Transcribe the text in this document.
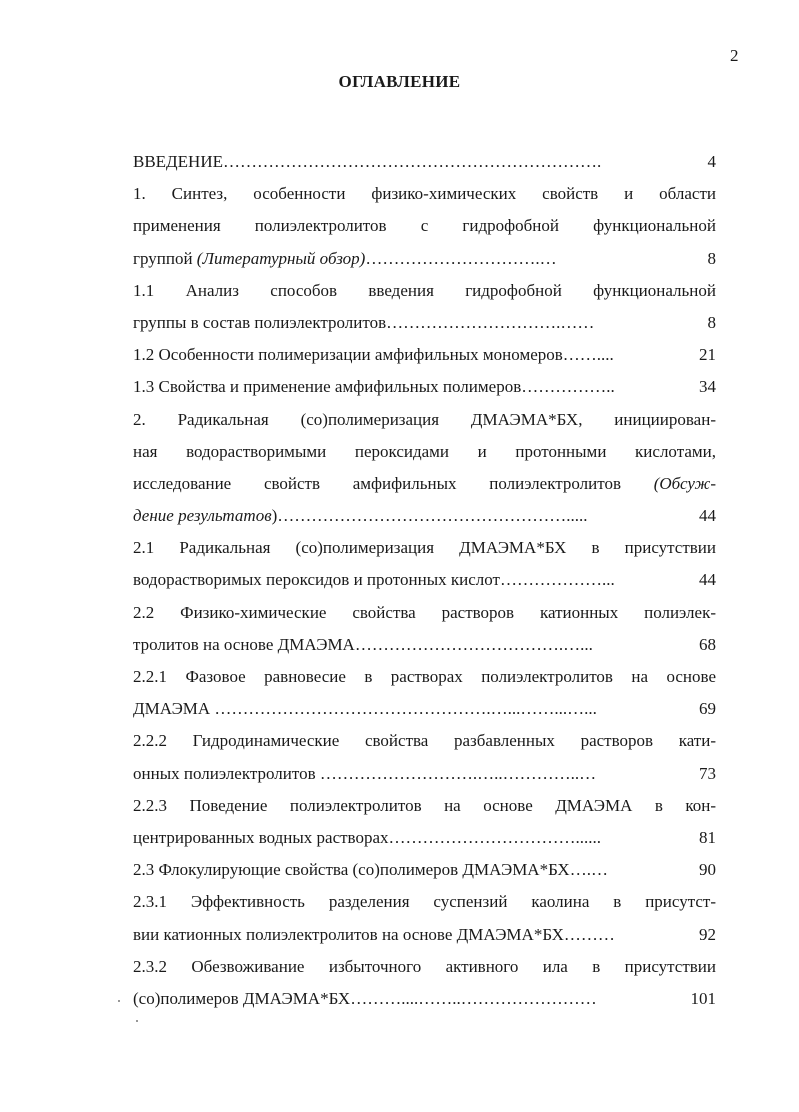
2
ОГЛАВЛЕНИЕ
ВВЕДЕНИЕ………………………………………………………….	4
1. Синтез, особенности физико-химических свойств и области
применения полиэлектролитов с гидрофобной функциональной
группой (Литературный обзор)………………………….…	8
1.1 Анализ способов введения гидрофобной функциональной
группы в состав полиэлектролитов………………………….……	8
1.2 Особенности полимеризации амфифильных мономеров……....	21
1.3 Свойства и применение амфифильных полимеров……………..	34
2. Радикальная (со)полимеризация ДМАЭМА*БХ, инициирован-
ная водорастворимыми пероксидами и протонными кислотами,
исследование свойств амфифильных полиэлектролитов (Обсуж-
дение результатов)…………………………………………….....	44
2.1 Радикальная (со)полимеризация ДМАЭМА*БХ в присутствии
водорастворимых пероксидов и протонных кислот………………...	44
2.2 Физико-химические свойства растворов катионных полиэлек-
тролитов на основе ДМАЭМА……………………………….…...	68
2.2.1 Фазовое равновесие в растворах полиэлектролитов на основе
ДМАЭМА ………………………………………….…...……...…...	69
2.2.2 Гидродинамические свойства разбавленных растворов кати-
онных полиэлектролитов ……………………….…..…………..…	73
2.2.3 Поведение полиэлектролитов на основе ДМАЭМА в кон-
центрированных водных растворах……………………………......	81
2.3 Флокулирующие свойства (со)полимеров ДМАЭМА*БХ….…	90
2.3.1 Эффективность разделения суспензий каолина в присутст-
вии катионных полиэлектролитов на основе ДМАЭМА*БХ………	92
2.3.2 Обезвоживание избыточного активного ила в присутствии
(со)полимеров ДМАЭМА*БХ………....……..……………………	101
